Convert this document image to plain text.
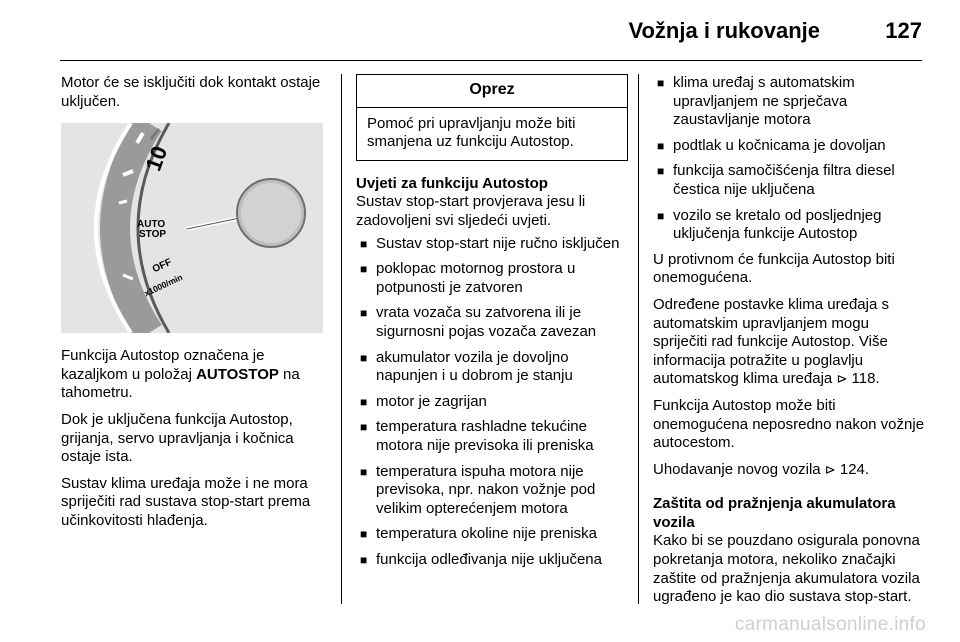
Vožnja i rukovanje	127

Motor će se isključiti dok kontakt ostaje uključen.

10
AUTO
STOP
OFF
x1000/min

Funkcija Autostop označena je kazaljkom u položaj AUTOSTOP na tahometru.

Dok je uključena funkcija Autostop, grijanja, servo upravljanja i kočnica ostaje ista.

Sustav klima uređaja može i ne mora spriječiti rad sustava stop-start prema učinkovitosti hlađenja.

Oprez
Pomoć pri upravljanju može biti smanjena uz funkciju Autostop.
Uvjeti za funkciju Autostop

Sustav stop-start provjerava jesu li zadovoljeni svi sljedeći uvjeti.

■ Sustav stop-start nije ručno isključen
■ poklopac motornog prostora u potpunosti je zatvoren
■ vrata vozača su zatvorena ili je sigurnosni pojas vozača zavezan
■ akumulator vozila je dovoljno napunjen i u dobrom je stanju
■ motor je zagrijan
■ temperatura rashladne tekućine motora nije previsoka ili preniska
■ temperatura ispuha motora nije previsoka, npr. nakon vožnje pod velikim opterećenjem motora
■ temperatura okoline nije preniska
■ funkcija odleđivanja nije uključena
■ klima uređaj s automatskim upravljanjem ne sprječava zaustavljanje motora
■ podtlak u kočnicama je dovoljan
■ funkcija samočišćenja filtra diesel čestica nije uključena
■ vozilo se kretalo od posljednjeg uključenja funkcije Autostop

U protivnom će funkcija Autostop biti onemogućena.

Određene postavke klima uređaja s automatskim upravljanjem mogu spriječiti rad funkcije Autostop. Više informacija potražite u poglavlju automatskog klima uređaja ⊳ 118.

Funkcija Autostop može biti onemogućena neposredno nakon vožnje autocestom.

Uhodavanje novog vozila ⊳ 124.

Zaštita od pražnjenja akumulatora vozila

Kako bi se pouzdano osigurala ponovna pokretanja motora, nekoliko značajki zaštite od pražnjenja akumulatora vozila ugrađeno je kao dio sustava stop-start.

carmanualsonline.info
